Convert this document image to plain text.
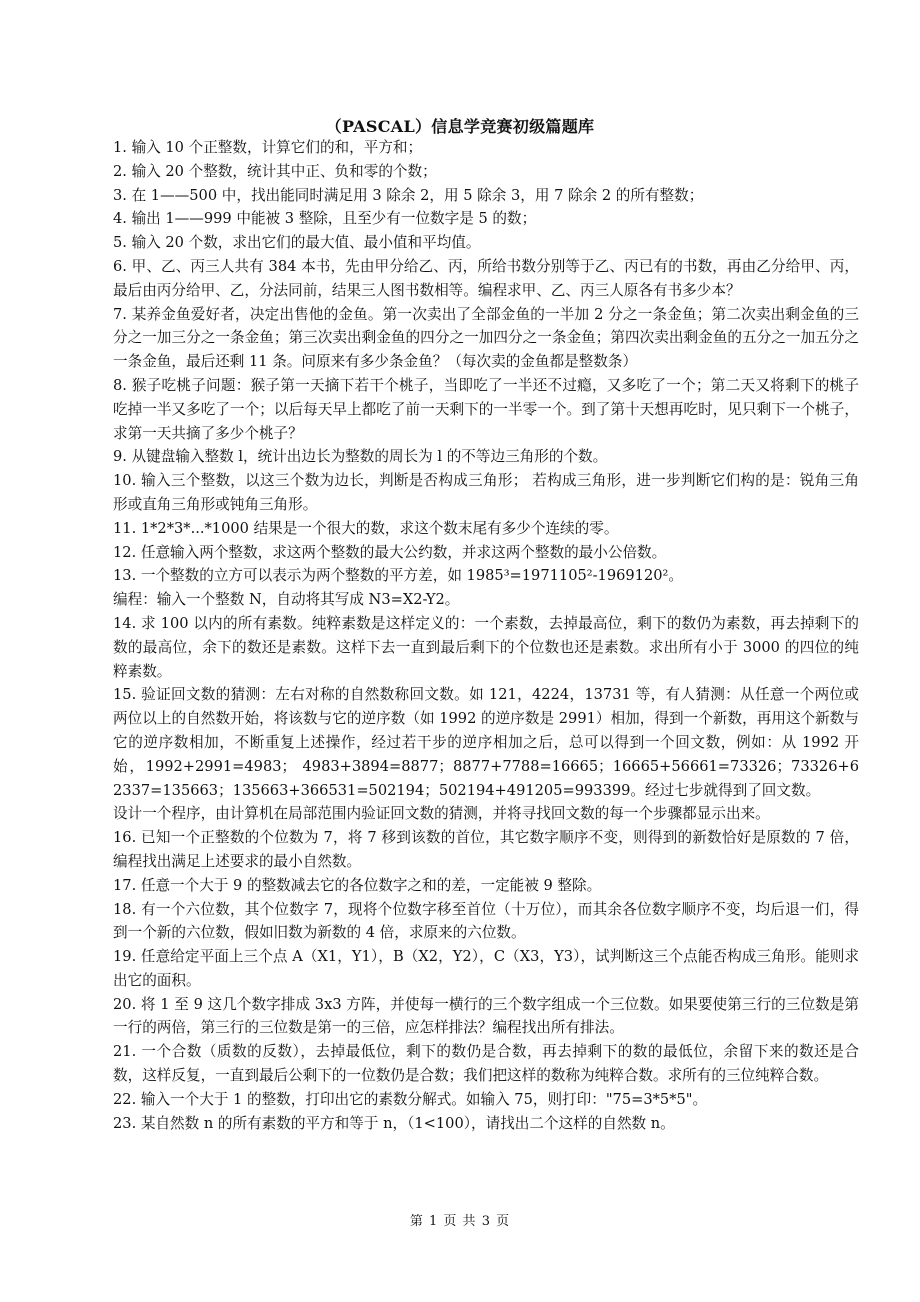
（PASCAL）信息学竞赛初级篇题库

1. 输入 10 个正整数，计算它们的和，平方和；

2. 输入 20 个整数，统计其中正、负和零的个数；

3. 在 1——500 中，找出能同时满足用 3 除余 2，用 5 除余 3，用 7 除余 2 的所有整数；

4. 输出 1——999 中能被 3 整除，且至少有一位数字是 5 的数；

5. 输入 20 个数，求出它们的最大值、最小值和平均值。

6. 甲、乙、丙三人共有 384 本书，先由甲分给乙、丙，所给书数分别等于乙、丙已有的书数，再由乙分给甲、丙，最后由丙分给甲、乙，分法同前，结果三人图书数相等。编程求甲、乙、丙三人原各有书多少本？

7. 某养金鱼爱好者，决定出售他的金鱼。第一次卖出了全部金鱼的一半加 2 分之一条金鱼；第二次卖出剩金鱼的三分之一加三分之一条金鱼；第三次卖出剩金鱼的四分之一加四分之一条金鱼；第四次卖出剩金鱼的五分之一加五分之一条金鱼，最后还剩 11 条。问原来有多少条金鱼？（每次卖的金鱼都是整数条）

8. 猴子吃桃子问题：猴子第一天摘下若干个桃子，当即吃了一半还不过瘾，又多吃了一个；第二天又将剩下的桃子吃掉一半又多吃了一个；以后每天早上都吃了前一天剩下的一半零一个。到了第十天想再吃时，见只剩下一个桃子，求第一天共摘了多少个桃子？

9. 从键盘输入整数 l，统计出边长为整数的周长为 l 的不等边三角形的个数。

10. 输入三个整数，以这三个数为边长，判断是否构成三角形； 若构成三角形，进一步判断它们构的是：锐角三角形或直角三角形或钝角三角形。

11. 1*2*3*...*1000 结果是一个很大的数，求这个数末尾有多少个连续的零。

12. 任意输入两个整数，求这两个整数的最大公约数，并求这两个整数的最小公倍数。

13. 一个整数的立方可以表示为两个整数的平方差，如 1985³=1971105²-1969120²。

编程：输入一个整数 N，自动将其写成 N3=X2-Y2。

14. 求 100 以内的所有素数。纯粹素数是这样定义的：一个素数，去掉最高位，剩下的数仍为素数，再去掉剩下的数的最高位，余下的数还是素数。这样下去一直到最后剩下的个位数也还是素数。求出所有小于 3000 的四位的纯粹素数。

15. 验证回文数的猜测：左右对称的自然数称回文数。如 121，4224，13731 等，有人猜测：从任意一个两位或两位以上的自然数开始，将该数与它的逆序数（如 1992 的逆序数是 2991）相加，得到一个新数，再用这个新数与它的逆序数相加，不断重复上述操作，经过若干步的逆序相加之后，总可以得到一个回文数，例如：从 1992 开始，1992+2991=4983； 4983+3894=8877；8877+7788=16665；16665+56661=73326；73326+62337=135663；135663+366531=502194；502194+491205=993399。经过七步就得到了回文数。

设计一个程序，由计算机在局部范围内验证回文数的猜测，并将寻找回文数的每一个步骤都显示出来。

16. 已知一个正整数的个位数为 7，将 7 移到该数的首位，其它数字顺序不变，则得到的新数恰好是原数的 7 倍，编程找出满足上述要求的最小自然数。

17. 任意一个大于 9 的整数减去它的各位数字之和的差，一定能被 9 整除。

18. 有一个六位数，其个位数字 7，现将个位数字移至首位（十万位），而其余各位数字顺序不变，均后退一们，得到一个新的六位数，假如旧数为新数的 4 倍，求原来的六位数。

19. 任意给定平面上三个点 A（X1，Y1），B（X2，Y2），C（X3，Y3），试判断这三个点能否构成三角形。能则求出它的面积。

20. 将 1 至 9 这几个数字排成 3x3 方阵，并使每一横行的三个数字组成一个三位数。如果要使第三行的三位数是第一行的两倍，第三行的三位数是第一的三倍，应怎样排法？编程找出所有排法。

21. 一个合数（质数的反数），去掉最低位，剩下的数仍是合数，再去掉剩下的数的最低位，余留下来的数还是合数，这样反复，一直到最后公剩下的一位数仍是合数；我们把这样的数称为纯粹合数。求所有的三位纯粹合数。

22. 输入一个大于 1 的整数，打印出它的素数分解式。如输入 75，则打印："75=3*5*5"。

23. 某自然数 n 的所有素数的平方和等于 n，（1<100），请找出二个这样的自然数 n。

第 1 页 共 3 页
